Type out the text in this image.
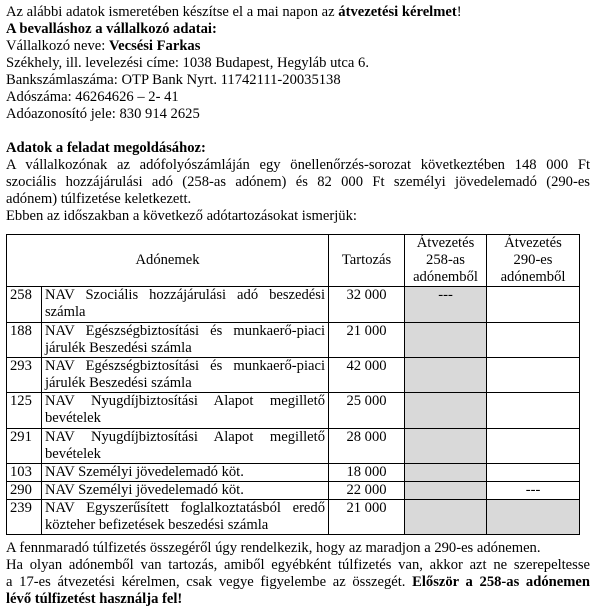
Az alábbi adatok ismeretében készítse el a mai napon az átvezetési kérelmet!
A bevalláshoz a vállalkozó adatai:
Vállalkozó neve: Vecsési Farkas
Székhely, ill. levelezési címe: 1038 Budapest, Hegyláb utca 6.
Bankszámlaszáma: OTP Bank Nyrt. 11742111-20035138
Adószáma: 46264626 – 2- 41
Adóazonosító jele: 830 914 2625
Adatok a feladat megoldásához:
A vállalkozónak az adófolyószámláján egy önellenőrzés-sorozat következtében 148 000 Ft
szociális hozzájárulási adó (258-as adónem) és 82 000 Ft személyi jövedelemadó (290-es
adónem) túlfizetése keletkezett.
Ebben az időszakban a következő adótartozásokat ismerjük:
Adónemek		Tartozás	Átvezetés 258-as adónemből	Átvezetés 290-es adónemből
258	NAV Szociális hozzájárulási adó beszedési számla	32 000	---	
188	NAV Egészségbiztosítási és munkaerő-piaci járulék Beszedési számla	21 000		
293	NAV Egészségbiztosítási és munkaerő-piaci járulék Beszedési számla	42 000		
125	NAV Nyugdíjbiztosítási Alapot megillető bevételek	25 000		
291	NAV Nyugdíjbiztosítási Alapot megillető bevételek	28 000		
103	NAV Személyi jövedelemadó köt.	18 000		
290	NAV Személyi jövedelemadó köt.	22 000		---
239	NAV Egyszerűsített foglalkoztatásból eredő közteher befizetések beszedési számla	21 000		
A fennmaradó túlfizetés összegéről úgy rendelkezik, hogy az maradjon a 290-es adónemen.
Ha olyan adónemből van tartozás, amiből egyébként túlfizetés van, akkor azt ne szerepeltesse
a 17-es átvezetési kérelmen, csak vegye figyelembe az összegét. Először a 258-as adónemen
lévő túlfizetést használja fel!
